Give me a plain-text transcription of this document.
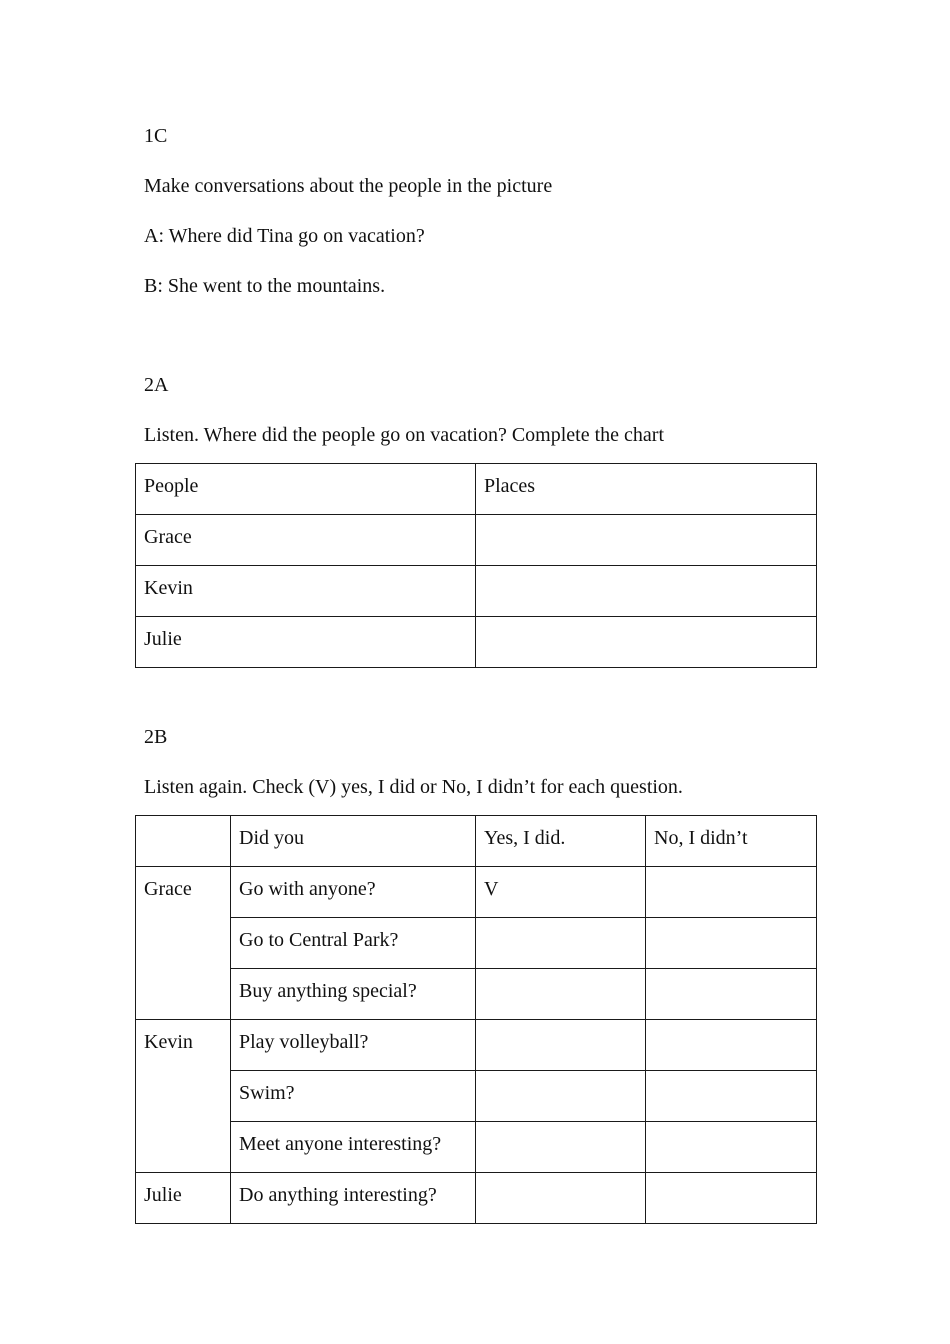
1C
Make conversations about the people in the picture
A: Where did Tina go on vacation?
B: She went to the mountains.
2A
Listen. Where did the people go on vacation? Complete the chart
People	Places
Grace	
Kevin	
Julie	
2B
Listen again. Check (V) yes, I did or No, I didn’t for each question.
	Did you	Yes, I did.	No, I didn’t
Grace	Go with anyone?	V	
	Go to Central Park?		
	Buy anything special?		
Kevin	Play volleyball?		
	Swim?		
	Meet anyone interesting?		
Julie	Do anything interesting?		
